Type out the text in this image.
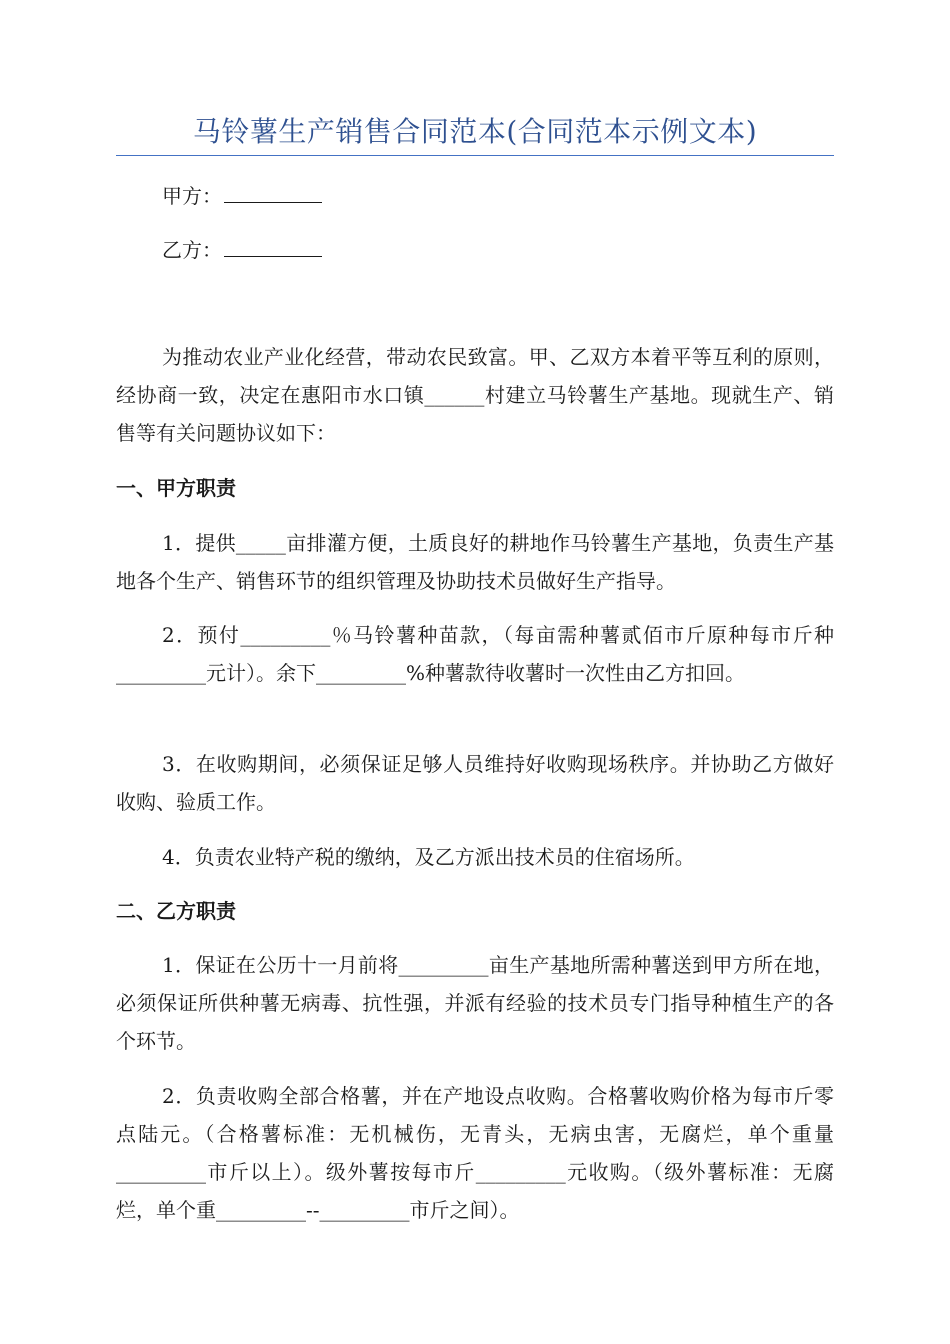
马铃薯生产销售合同范本(合同范本示例文本)
甲方：
乙方：

为推动农业产业化经营，带动农民致富。甲、乙双方本着平等互利的原则，经协商一致，决定在惠阳市水口镇______村建立马铃薯生产基地。现就生产、销售等有关问题协议如下：

一、甲方职责

1．提供_____亩排灌方便，土质良好的耕地作马铃薯生产基地，负责生产基地各个生产、销售环节的组织管理及协助技术员做好生产指导。

2．预付_________％马铃薯种苗款，（每亩需种薯贰佰市斤原种每市斤种_________元计）。余下_________%种薯款待收薯时一次性由乙方扣回。

3．在收购期间，必须保证足够人员维持好收购现场秩序。并协助乙方做好收购、验质工作。

4．负责农业特产税的缴纳，及乙方派出技术员的住宿场所。

二、乙方职责

1．保证在公历十一月前将_________亩生产基地所需种薯送到甲方所在地，必须保证所供种薯无病毒、抗性强，并派有经验的技术员专门指导种植生产的各个环节。

2．负责收购全部合格薯，并在产地设点收购。合格薯收购价格为每市斤零点陆元。（合格薯标准：无机械伤，无青头，无病虫害，无腐烂，单个重量_________市斤以上）。级外薯按每市斤_________元收购。（级外薯标准：无腐烂，单个重_________--_________市斤之间）。
